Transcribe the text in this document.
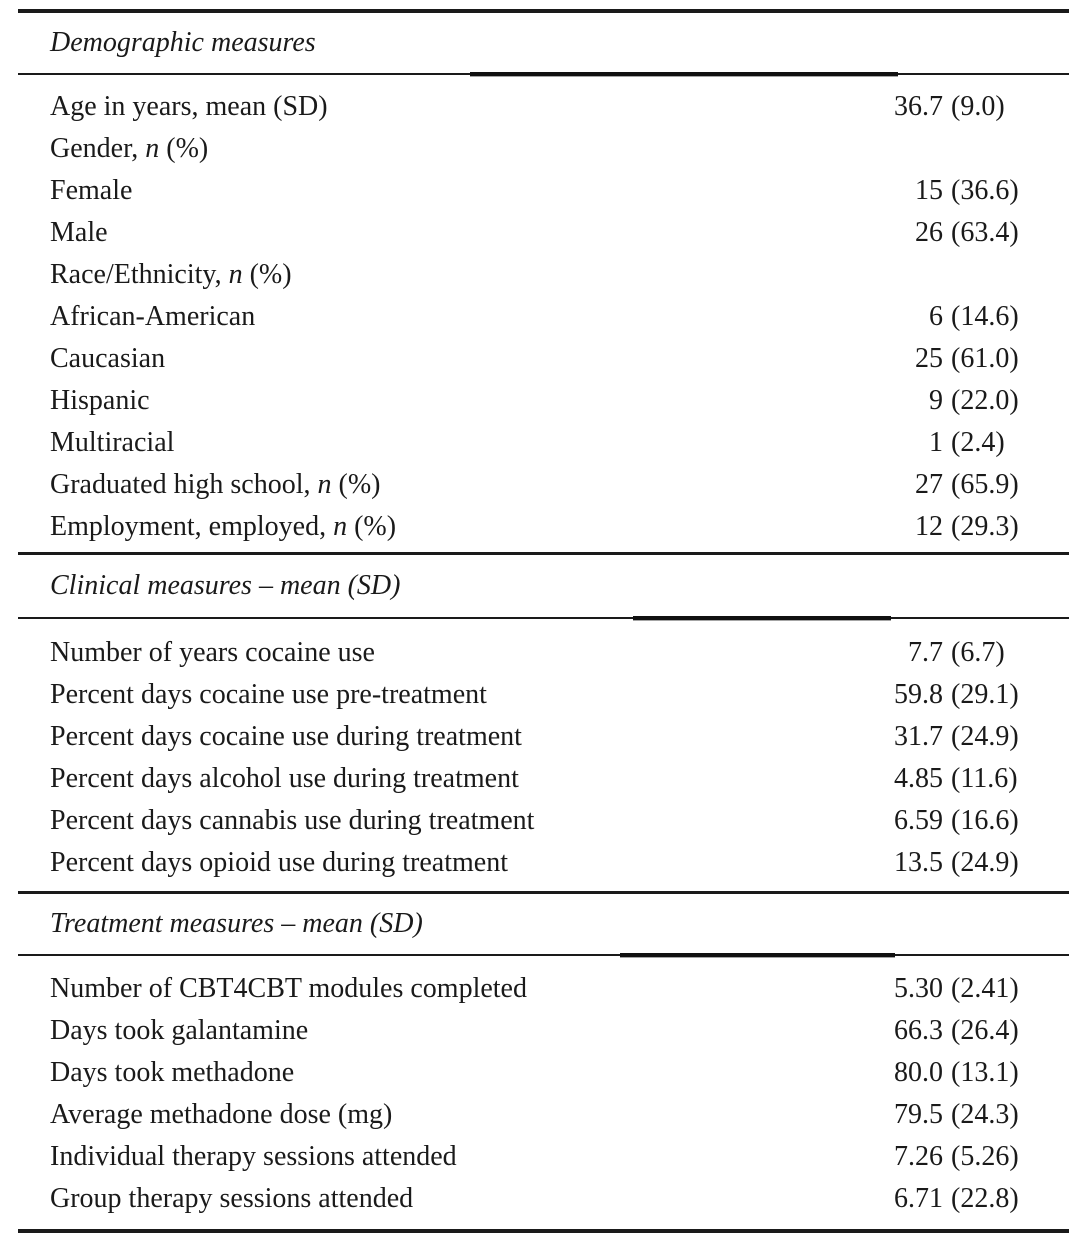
Demographic measures
Age in years, mean (SD)	36.7 (9.0)
Gender, n (%)
Female	15 (36.6)
Male	26 (63.4)
Race/Ethnicity, n (%)
African-American	6 (14.6)
Caucasian	25 (61.0)
Hispanic	9 (22.0)
Multiracial	1 (2.4)
Graduated high school, n (%)	27 (65.9)
Employment, employed, n (%)	12 (29.3)
Clinical measures – mean (SD)
Number of years cocaine use	7.7 (6.7)
Percent days cocaine use pre-treatment	59.8 (29.1)
Percent days cocaine use during treatment	31.7 (24.9)
Percent days alcohol use during treatment	4.85 (11.6)
Percent days cannabis use during treatment	6.59 (16.6)
Percent days opioid use during treatment	13.5 (24.9)
Treatment measures – mean (SD)
Number of CBT4CBT modules completed	5.30 (2.41)
Days took galantamine	66.3 (26.4)
Days took methadone	80.0 (13.1)
Average methadone dose (mg)	79.5 (24.3)
Individual therapy sessions attended	7.26 (5.26)
Group therapy sessions attended	6.71 (22.8)
